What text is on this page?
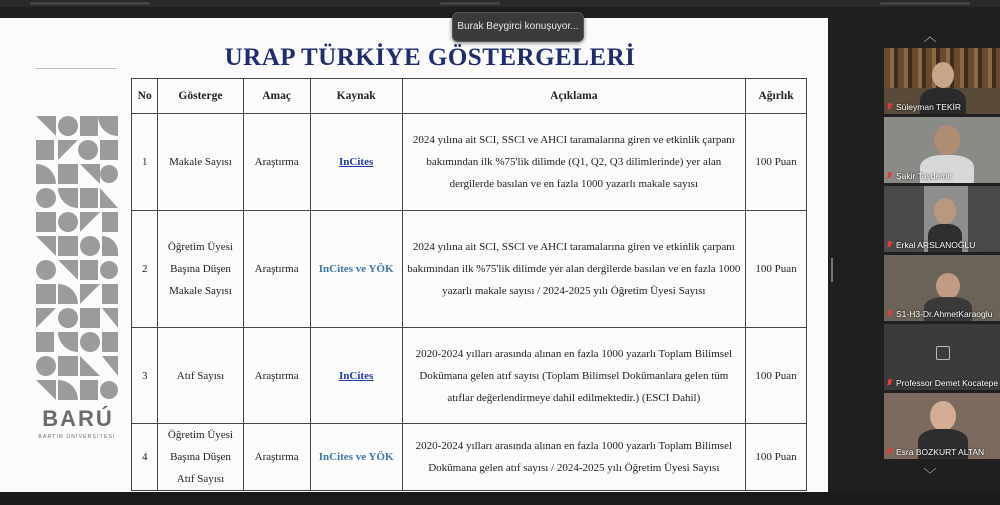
BARÚ
BARTIN ÜNİVERSİTESİ
URAP TÜRKİYE GÖSTERGELERİ
No	Gösterge	Amaç	Kaynak	Açıklama	Ağırlık
1	Makale Sayısı	Araştırma	InCites	2024 yılına ait SCI, SSCI ve AHCI taramalarına giren ve etkinlik çarpanı bakımından ilk %75'lik dilimde (Q1, Q2, Q3 dilimlerinde) yer alan dergilerde basılan ve en fazla 1000 yazarlı makale sayısı	100 Puan
2	Öğretim Üyesi Başına Düşen Makale Sayısı	Araştırma	InCites ve YÖK	2024 yılına ait SCI, SSCI ve AHCI taramalarına giren ve etkinlik çarpanı bakımından ilk %75'lik dilimde yer alan dergilerde basılan ve en fazla 1000 yazarlı makale sayısı / 2024-2025 yılı Öğretim Üyesi Sayısı	100 Puan
3	Atıf Sayısı	Araştırma	InCites	2020-2024 yılları arasında alınan en fazla 1000 yazarlı Toplam Bilimsel Dokümana gelen atıf sayısı (Toplam Bilimsel Dokümanlara gelen tüm atıflar değerlendirmeye dahil edilmektedir.) (ESCI Dahil)	100 Puan
4	Öğretim Üyesi Başına Düşen Atıf Sayısı	Araştırma	InCites ve YÖK	2020-2024 yılları arasında alınan en fazla 1000 yazarlı Toplam Bilimsel Dokümana gelen atıf sayısı / 2024-2025 yılı Öğretim Üyesi Sayısı	100 Puan
Burak Beygirci konuşuyor...
︿
Süleyman TEKİR
Şakir Taşdemir
Erkal ARSLANOĞLU
S1-H3-Dr.AhmetKaraoglu
Professor Demet Kocatepe
Esra BOZKURT ALTAN
﹀
